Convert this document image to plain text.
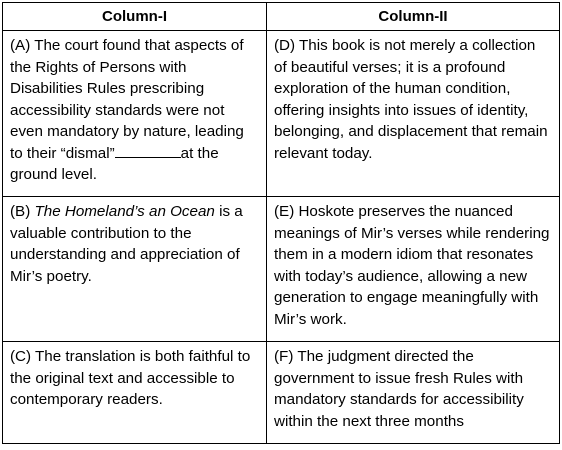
Column-I	Column-II
(A) The court found that aspects of the Rights of Persons with Disabilities Rules prescribing accessibility standards were not even mandatory by nature, leading to their “dismal” at the ground level.	(D) This book is not merely a collection of beautiful verses; it is a profound exploration of the human condition, offering insights into issues of identity, belonging, and displacement that remain relevant today.
(B) The Homeland’s an Ocean is a valuable contribution to the understanding and appreciation of Mir’s poetry.	(E) Hoskote preserves the nuanced meanings of Mir’s verses while rendering them in a modern idiom that resonates with today’s audience, allowing a new generation to engage meaningfully with Mir’s work.
(C) The translation is both faithful to the original text and accessible to contemporary readers.	(F) The judgment directed the government to issue fresh Rules with mandatory standards for accessibility within the next three months
